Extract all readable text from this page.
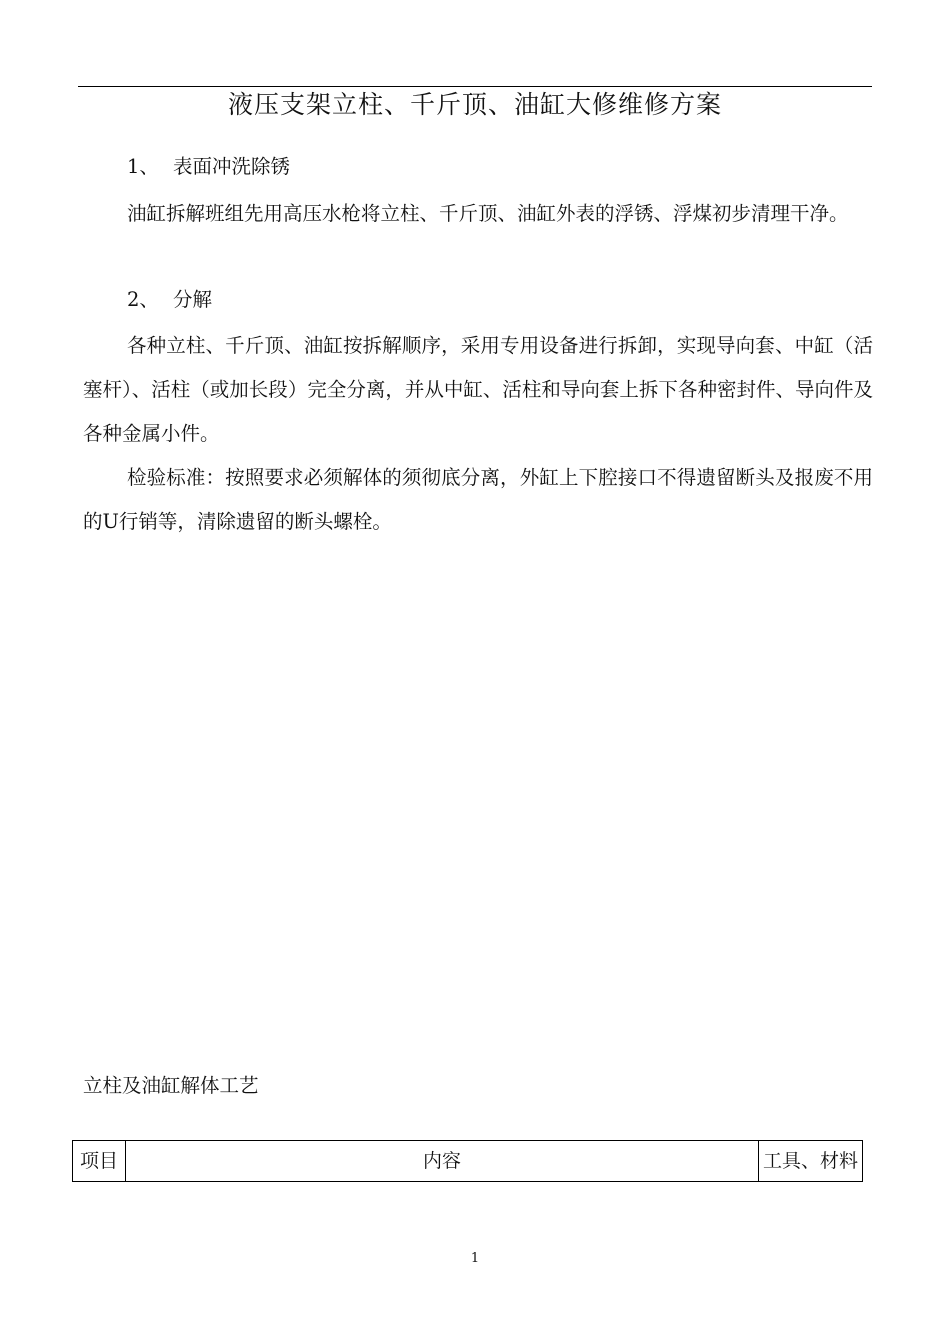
液压支架立柱、千斤顶、油缸大修维修方案
1、 表面冲洗除锈

油缸拆解班组先用高压水枪将立柱、千斤顶、油缸外表的浮锈、浮煤初步清理干净。

2、 分解

各种立柱、千斤顶、油缸按拆解顺序，采用专用设备进行拆卸，实现导向套、中缸（活塞杆）、活柱（或加长段）完全分离，并从中缸、活柱和导向套上拆下各种密封件、导向件及各种金属小件。

检验标准：按照要求必须解体的须彻底分离，外缸上下腔接口不得遗留断头及报废不用的U行销等，清除遗留的断头螺栓。

立柱及油缸解体工艺
项目	内容	工具、材料
1
